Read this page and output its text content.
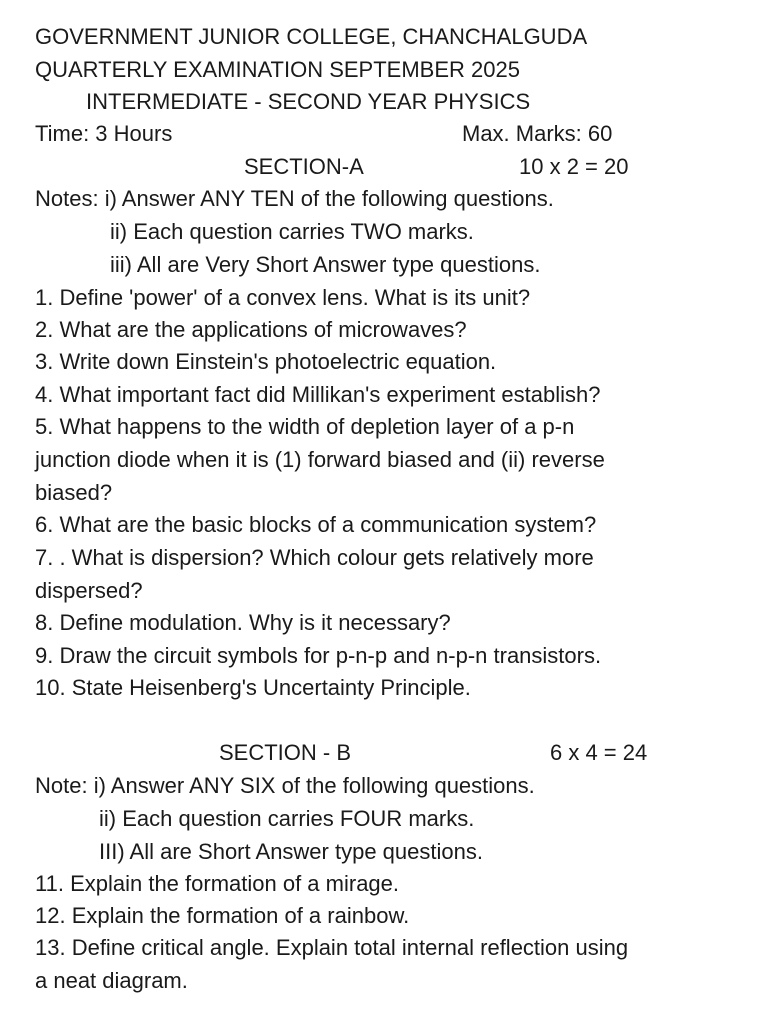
GOVERNMENT JUNIOR COLLEGE, CHANCHALGUDA
QUARTERLY EXAMINATION SEPTEMBER 2025
INTERMEDIATE - SECOND YEAR PHYSICS
Time: 3 Hours	Max. Marks: 60
SECTION-A	10 x 2 = 20
Notes: i) Answer ANY TEN of the following questions.
ii) Each question carries TWO marks.
iii) All are Very Short Answer type questions.
1. Define 'power' of a convex lens. What is its unit?
2. What are the applications of microwaves?
3. Write down Einstein's photoelectric equation.
4. What important fact did Millikan's experiment establish?
5. What happens to the width of depletion layer of a p-n
junction diode when it is (1) forward biased and (ii) reverse
biased?
6. What are the basic blocks of a communication system?
7. . What is dispersion? Which colour gets relatively more
dispersed?
8. Define modulation. Why is it necessary?
9. Draw the circuit symbols for p-n-p and n-p-n transistors.
10. State Heisenberg's Uncertainty Principle.
SECTION - B	6 x 4 = 24
Note: i) Answer ANY SIX of the following questions.
ii) Each question carries FOUR marks.
III) All are Short Answer type questions.
11. Explain the formation of a mirage.
12. Explain the formation of a rainbow.
13. Define critical angle. Explain total internal reflection using
a neat diagram.
